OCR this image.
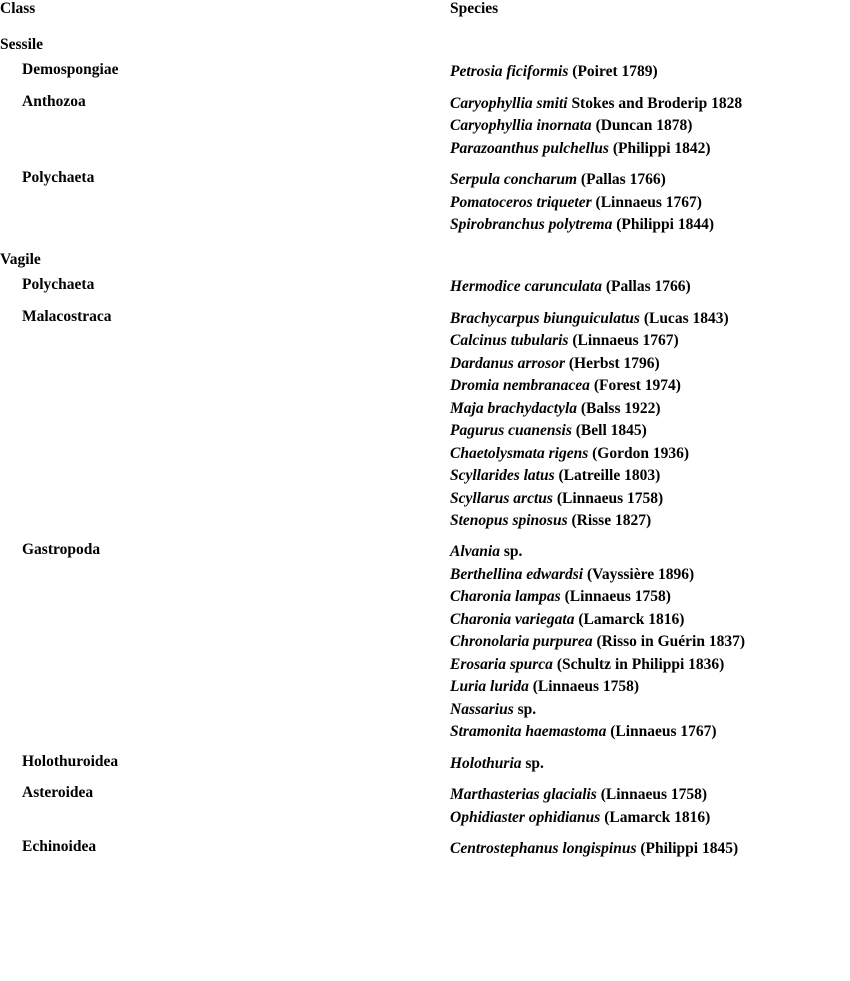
Class	Species

Sessile	

Demospongiae	Petrosia ficiformis (Poiret 1789)

Anthozoa	Caryophyllia smiti Stokes and Broderip 1828
Caryophyllia inornata (Duncan 1878)
Parazoanthus pulchellus (Philippi 1842)

Polychaeta	Serpula concharum (Pallas 1766)
Pomatoceros triqueter (Linnaeus 1767)
Spirobranchus polytrema (Philippi 1844)

Vagile	

Polychaeta	Hermodice carunculata (Pallas 1766)

Malacostraca	Brachycarpus biunguiculatus (Lucas 1843)
Calcinus tubularis (Linnaeus 1767)
Dardanus arrosor (Herbst 1796)
Dromia nembranacea (Forest 1974)
Maja brachydactyla (Balss 1922)
Pagurus cuanensis (Bell 1845)
Chaetolysmata rigens (Gordon 1936)
Scyllarides latus (Latreille 1803)
Scyllarus arctus (Linnaeus 1758)
Stenopus spinosus (Risse 1827)

Gastropoda	Alvania sp.
Berthellina edwardsi (Vayssière 1896)
Charonia lampas (Linnaeus 1758)
Charonia variegata (Lamarck 1816)
Chronolaria purpurea (Risso in Guérin 1837)
Erosaria spurca (Schultz in Philippi 1836)
Luria lurida (Linnaeus 1758)
Nassarius sp.
Stramonita haemastoma (Linnaeus 1767)

Holothuroidea	Holothuria sp.

Asteroidea	Marthasterias glacialis (Linnaeus 1758)
Ophidiaster ophidianus (Lamarck 1816)

Echinoidea	Centrostephanus longispinus (Philippi 1845)
